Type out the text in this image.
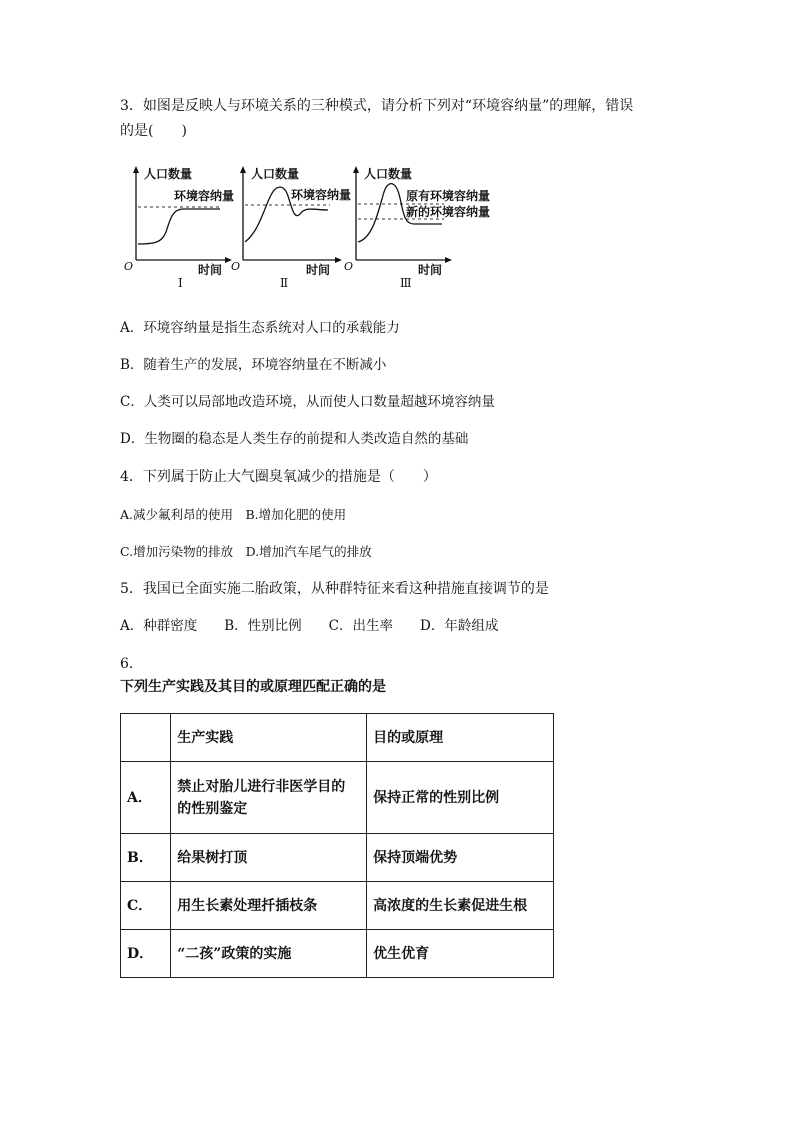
3．如图是反映人与环境关系的三种模式，请分析下列对“环境容纳量”的理解，错误
的是(　　)
人口数量
环境容纳量
O	时间
Ⅰ
人口数量
环境容纳量
O	时间
Ⅱ
人口数量
原有环境容纳量
新的环境容纳量
O	时间
Ⅲ
A．环境容纳量是指生态系统对人口的承载能力
B．随着生产的发展，环境容纳量在不断减小
C．人类可以局部地改造环境，从而使人口数量超越环境容纳量
D．生物圈的稳态是人类生存的前提和人类改造自然的基础
4．下列属于防止大气圈臭氧减少的措施是（　　）
A.减少氟利昂的使用　B.增加化肥的使用
C.增加污染物的排放　D.增加汽车尾气的排放
5．我国已全面实施二胎政策，从种群特征来看这种措施直接调节的是
A．种群密度　　B．性别比例　　C．出生率　　D．年龄组成
6．
下列生产实践及其目的或原理匹配正确的是
	生产实践	目的或原理
A．	禁止对胎儿进行非医学目的
的性别鉴定	保持正常的性别比例
B．	给果树打顶	保持顶端优势
C．	用生长素处理扦插枝条	高浓度的生长素促进生根
D．	“二孩”政策的实施	优生优育
